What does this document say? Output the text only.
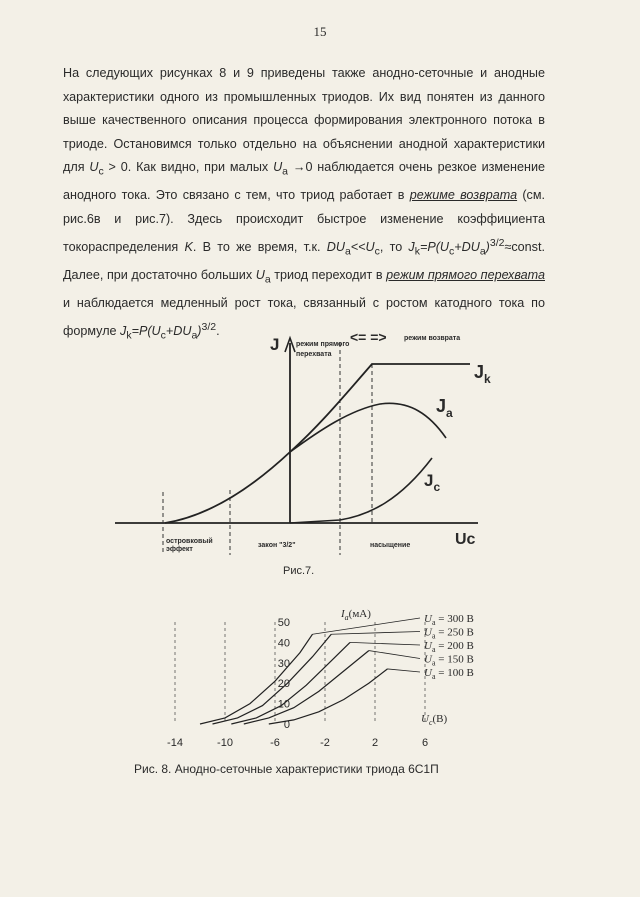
15

На следующих рисунках 8 и 9 приведены также анодно-сеточные и анодные характеристики одного из промышленных триодов. Их вид понятен из данного выше качественного описания процесса формирования электронного потока в триоде. Остановимся только отдельно на объяснении анодной характеристики для $U_c > 0$. Как видно, при малых $U_a \to 0$ наблюдается очень резкое изменение анодного тока. Это связано с тем, что триод работает в режиме возврата (см. рис.6в и рис.7). Здесь происходит быстрое изменение коэффициента токораспределения K. В то же время, т.к. $DU_a<<U_c$, то $J_k=P(U_c+DU_a)^{3/2}\approx const$. Далее, при достаточно больших $U_a$ триод переходит в режим прямого перехвата и наблюдается медленный рост тока, связанный с ростом катодного тока по формуле $J_k=P(U_c+DU_a)^{3/2}$.

J режим прямого
перехвата
<= => режим возврата
$J_k$
$J_a$
$J_c$
Uc
островковый
эффект
закон "3/2"	насыщение
Рис.7.
$U_a = 300$ В
$U_a = 250$ В
$U_a = 200$ В
$U_a = 150$ В
$U_a = 100$ В
-14	-10	-6	-2	2	6
0
10
20
30
40
50
$I_a(мА)$
$U_c(В)$
Рис. 8. Анодно-сеточные характеристики триода 6С1П
